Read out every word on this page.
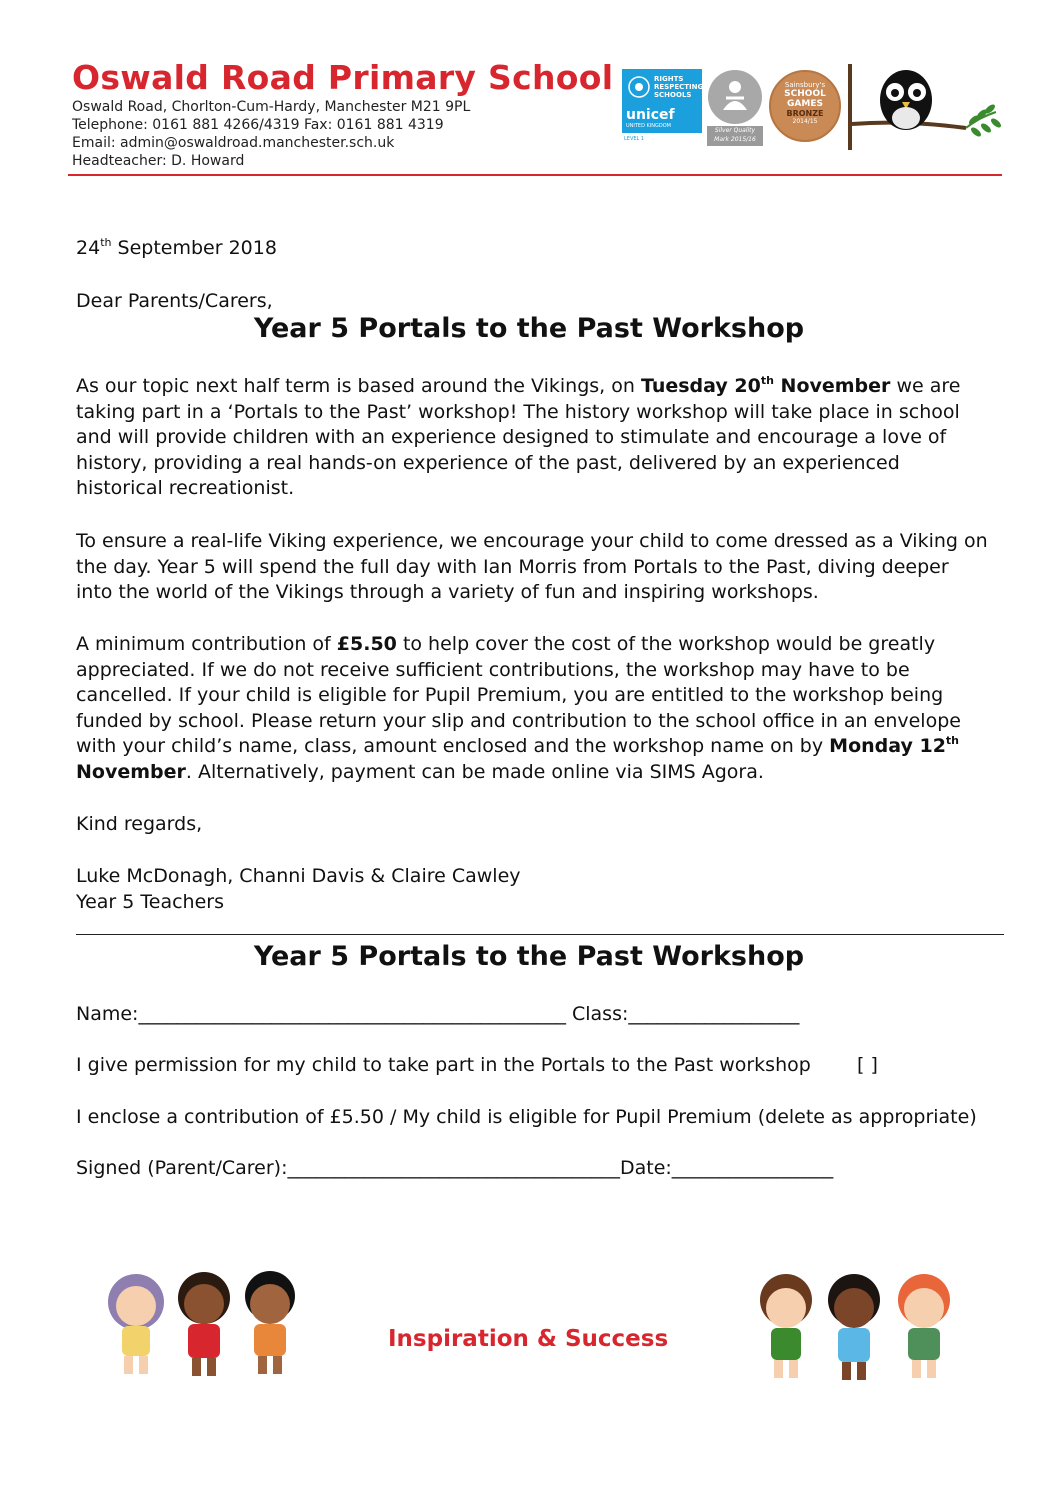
Oswald Road Primary School
Oswald Road, Chorlton-Cum-Hardy, Manchester M21 9PL
Telephone: 0161 881 4266/4319 Fax: 0161 881 4319
Email: admin@oswaldroad.manchester.sch.uk
Headteacher: D. Howard
RIGHTS
RESPECTING
SCHOOLS
unicef
UNITED KINGDOM
LEVEL 1
Silver Quality
Mark 2015/16
Sainsbury's
SCHOOL
GAMES
BRONZE
2014/15
24th September 2018
Dear Parents/Carers,
Year 5 Portals to the Past Workshop
As our topic next half term is based around the Vikings, on Tuesday 20th November we are taking part in a ‘Portals to the Past’ workshop! The history workshop will take place in school and will provide children with an experience designed to stimulate and encourage a love of history, providing a real hands-on experience of the past, delivered by an experienced historical recreationist.
To ensure a real-life Viking experience, we encourage your child to come dressed as a Viking on the day. Year 5 will spend the full day with Ian Morris from Portals to the Past, diving deeper into the world of the Vikings through a variety of fun and inspiring workshops.
A minimum contribution of £5.50 to help cover the cost of the workshop would be greatly appreciated. If we do not receive sufficient contributions, the workshop may have to be cancelled. If your child is eligible for Pupil Premium, you are entitled to the workshop being funded by school. Please return your slip and contribution to the school office in an envelope with your child’s name, class, amount enclosed and the workshop name on by Monday 12th November. Alternatively, payment can be made online via SIMS Agora.
Kind regards,
Luke McDonagh, Channi Davis & Claire Cawley
Year 5 Teachers
Year 5 Portals to the Past Workshop
Name:_____________________________________________ Class:__________________
I give permission for my child to take part in the Portals to the Past workshop [ ]
I enclose a contribution of £5.50 / My child is eligible for Pupil Premium (delete as appropriate)
Signed (Parent/Carer):___________________________________Date:_________________
Inspiration & Success
